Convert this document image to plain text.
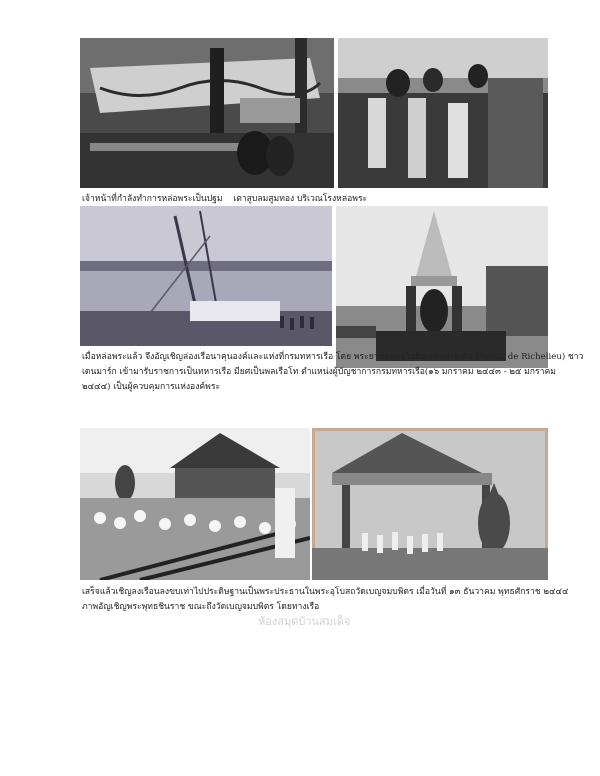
เจ้าหน้าที่กำลังทำการหล่อพระเป็นปฐม เตาสูบลมสูมทอง บริเวณโรงหล่อพระ
เมื่อหล่อพระแล้ว จึงอัญเชิญล่องเรือนาคุนองค์และแห่งที่กรมทหารเรือ โดย พระยาชลยุทธโยธิน (Andre du Plessis de Richelieu) ชาว
เดนมาร์ก เข้ามารับราชการเป็นทหารเรือ มียศเป็นพลเรือโท ตำแหน่งผู้บัญชาการกรมทหารเรือ(๑๖ มกราคม ๒๔๔๓ - ๒๕ มกราคม
๒๔๔๔) เป็นผู้ควบคุมการแห่งองค์พระ
เสร็จแล้วเชิญลงเรือนลงขบเท่าไปประดิษฐานเป็นพระประธานในพระอุโบสถวัดเบญจมบพิตร เมื่อวันที่ ๑๓ ธันวาคม พุทธศักราช ๒๔๔๔
ภาพอัญเชิญพระพุทธชินราช ขณะถึงวัดเบญจมบพิตร โดยทางเรือ
ห้องสมุดบ้านสมเด็จ
